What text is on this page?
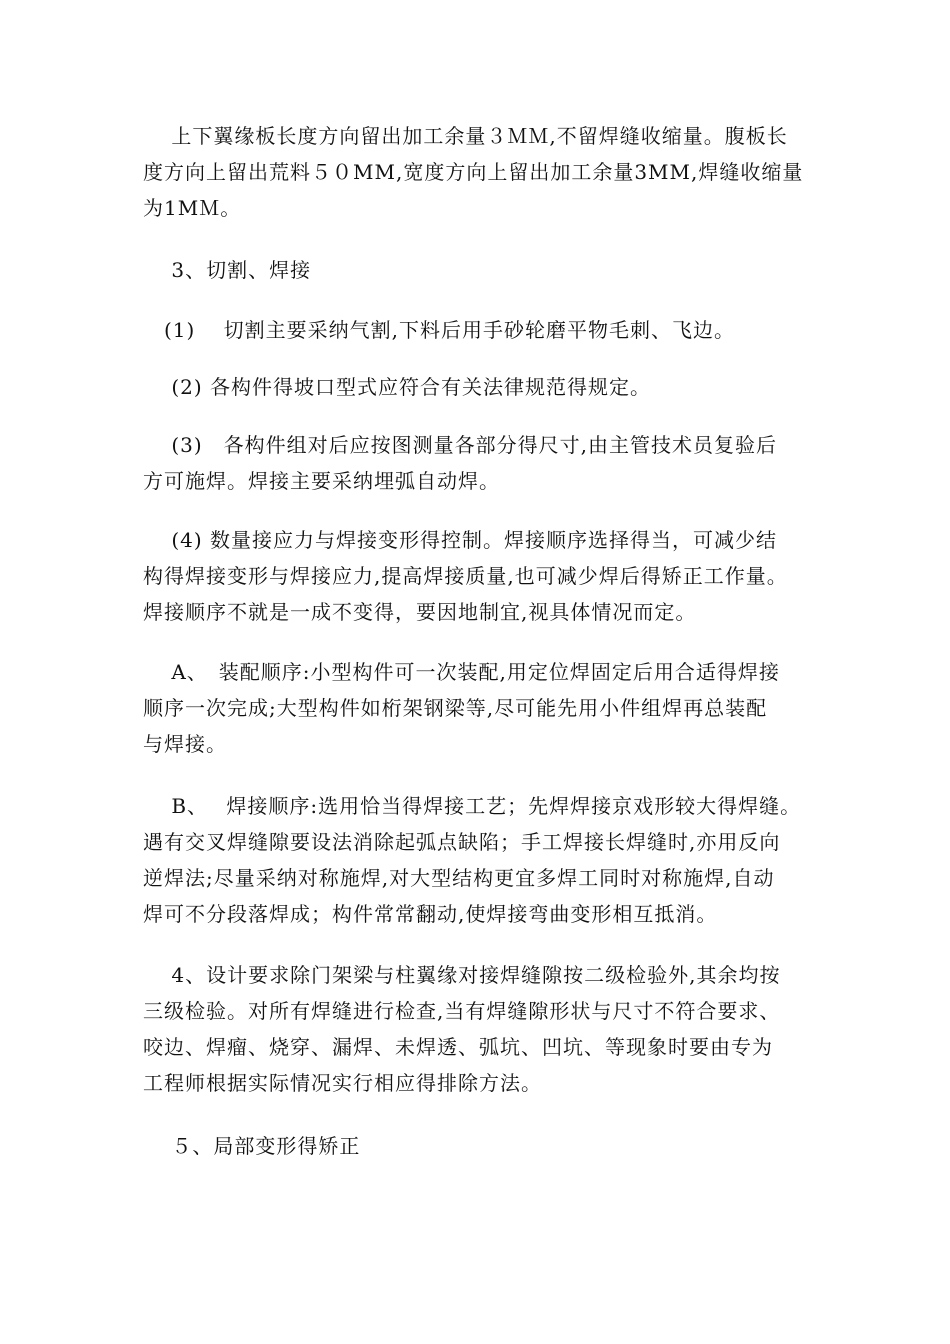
　 上下翼缘板长度方向留出加工余量３ＭＭ,不留焊缝收缩量。腹板长
度方向上留出荒料５０MM,宽度方向上留出加工余量3MM,焊缝收缩量
为1MＭ。

　 3、切割、焊接

　(1)　 切割主要采纳气割,下料后用手砂轮磨平物毛刺、飞边。

　 (2) 各构件得坡口型式应符合有关法律规范得规定。

　 (3)　各构件组对后应按图测量各部分得尺寸,由主管技术员复验后
方可施焊。焊接主要采纳埋弧自动焊。

　 (4) 数量接应力与焊接变形得控制。焊接顺序选择得当，可减少结
构得焊接变形与焊接应力,提高焊接质量,也可减少焊后得矫正工作量。
焊接顺序不就是一成不变得，要因地制宜,视具体情况而定。

　 A、　装配顺序:小型构件可一次装配,用定位焊固定后用合适得焊接
顺序一次完成;大型构件如桁架钢梁等,尽可能先用小件组焊再总装配
与焊接。

　 B、　 焊接顺序:选用恰当得焊接工艺；先焊焊接京戏形较大得焊缝。
遇有交叉焊缝隙要设法消除起弧点缺陷；手工焊接长焊缝时,亦用反向
逆焊法;尽量采纳对称施焊,对大型结构更宜多焊工同时对称施焊,自动
焊可不分段落焊成；构件常常翻动,使焊接弯曲变形相互抵消。

　 4、设计要求除门架梁与柱翼缘对接焊缝隙按二级检验外,其余均按
三级检验。对所有焊缝进行检查,当有焊缝隙形状与尺寸不符合要求、
咬边、焊瘤、烧穿、漏焊、未焊透、弧坑、凹坑、等现象时要由专为
工程师根据实际情况实行相应得排除方法。

　 ５、局部变形得矫正
